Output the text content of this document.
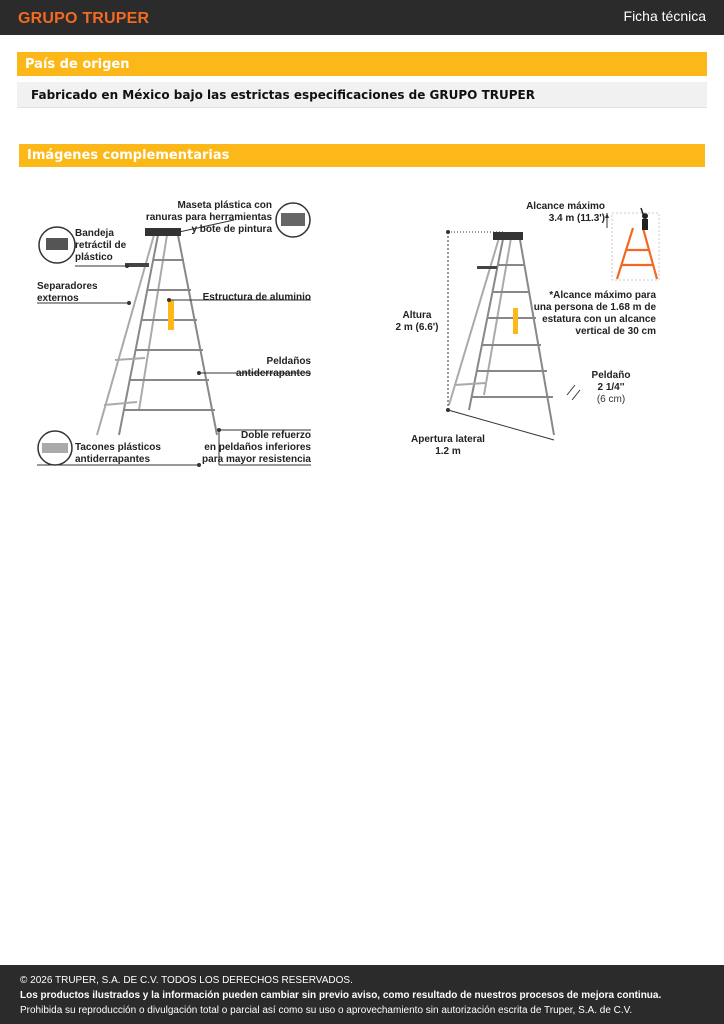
GRUPO TRUPER	Ficha técnica
País de origen
Fabricado en México bajo las estrictas especificaciones de GRUPO TRUPER
Imágenes complementarias
Bandeja
retráctil de
plástico
Maseta plástica con
ranuras para herramientas
y bote de pintura
Separadores
externos	Estructura de aluminio
Peldaños
antiderrapantes
Doble refuerzo
en peldaños inferiores
para mayor resistencia
Tacones plásticos
antiderrapantes
Alcance máximo
3.4 m (11.3')
*Alcance máximo para
una persona de 1.68 m de
estatura con un alcance
vertical de 30 cm
Altura
2 m (6.6')
Peldaño
2 1/4''
(6 cm)
Apertura lateral
1.2 m
© 2026 TRUPER, S.A. DE C.V. TODOS LOS DERECHOS RESERVADOS.
Los productos ilustrados y la información pueden cambiar sin previo aviso, como resultado de nuestros procesos de mejora continua.
Prohibida su reproducción o divulgación total o parcial así como su uso o aprovechamiento sin autorización escrita de Truper, S.A. de C.V.
